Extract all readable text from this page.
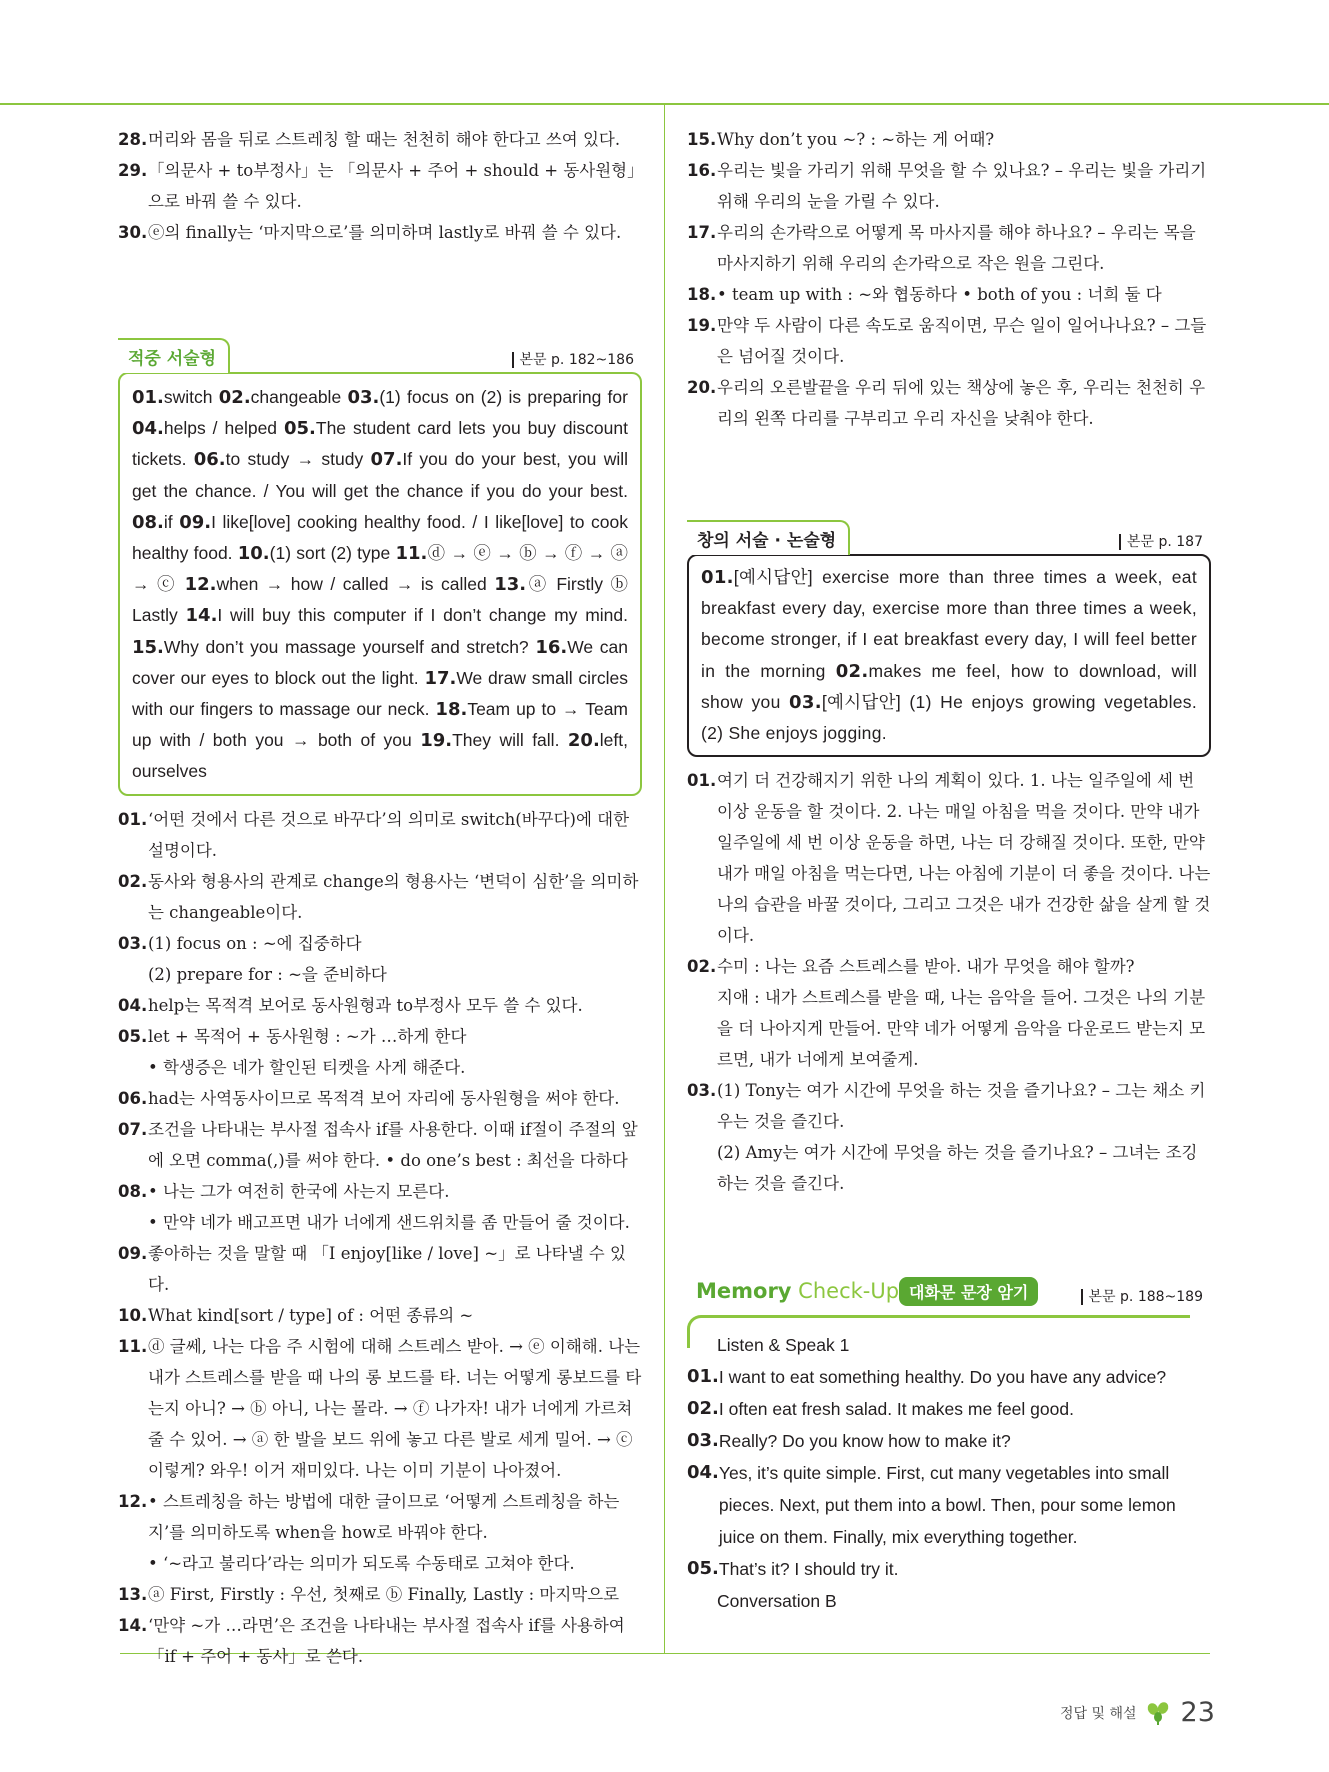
28. 머리와 몸을 뒤로 스트레칭 할 때는 천천히 해야 한다고 쓰여 있다.
29. 「의문사 + to부정사」는 「의문사 + 주어 + should + 동사원형」으로 바꿔 쓸 수 있다.
30. ⓔ의 finally는 ‘마지막으로’를 의미하며 lastly로 바꿔 쓸 수 있다.
적중 서술형	본문 p. 182~186
01.switch 02.changeable 03.(1) focus on (2) is preparing for 04.helps / helped 05.The student card lets you buy discount tickets. 06.to study → study 07.If you do your best, you will get the chance. / You will get the chance if you do your best. 08.if 09.I like[love] cooking healthy food. / I like[love] to cook healthy food. 10.(1) sort (2) type 11.ⓓ → ⓔ → ⓑ → ⓕ → ⓐ → ⓒ 12.when → how / called → is called 13.ⓐ Firstly ⓑ Lastly 14.I will buy this computer if I don’t change my mind. 15.Why don’t you massage yourself and stretch? 16.We can cover our eyes to block out the light. 17.We draw small circles with our fingers to massage our neck. 18.Team up to → Team up with / both you → both of you 19.They will fall. 20.left, ourselves
01. ‘어떤 것에서 다른 것으로 바꾸다’의 의미로 switch(바꾸다)에 대한 설명이다.
02. 동사와 형용사의 관계로 change의 형용사는 ‘변덕이 심한’을 의미하는 changeable이다.
03. (1) focus on : ~에 집중하다
(2) prepare for : ~을 준비하다
04. help는 목적격 보어로 동사원형과 to부정사 모두 쓸 수 있다.
05. let + 목적어 + 동사원형 : ~가 …하게 한다
• 학생증은 네가 할인된 티켓을 사게 해준다.
06. had는 사역동사이므로 목적격 보어 자리에 동사원형을 써야 한다.
07. 조건을 나타내는 부사절 접속사 if를 사용한다. 이때 if절이 주절의 앞에 오면 comma(,)를 써야 한다. • do one’s best : 최선을 다하다
08. • 나는 그가 여전히 한국에 사는지 모른다.
• 만약 네가 배고프면 내가 너에게 샌드위치를 좀 만들어 줄 것이다.
09. 좋아하는 것을 말할 때 「I enjoy[like / love] ~」로 나타낼 수 있다.
10. What kind[sort / type] of : 어떤 종류의 ~
11. ⓓ 글쎄, 나는 다음 주 시험에 대해 스트레스 받아. → ⓔ 이해해. 나는 내가 스트레스를 받을 때 나의 롱 보드를 타. 너는 어떻게 롱보드를 타는지 아니? → ⓑ 아니, 나는 몰라. → ⓕ 나가자! 내가 너에게 가르쳐 줄 수 있어. → ⓐ 한 발을 보드 위에 놓고 다른 발로 세게 밀어. → ⓒ 이렇게? 와우! 이거 재미있다. 나는 이미 기분이 나아졌어.
12. • 스트레칭을 하는 방법에 대한 글이므로 ‘어떻게 스트레칭을 하는지’를 의미하도록 when을 how로 바꿔야 한다.
• ‘~라고 불리다’라는 의미가 되도록 수동태로 고쳐야 한다.
13. ⓐ First, Firstly : 우선, 첫째로 ⓑ Finally, Lastly : 마지막으로
14. ‘만약 ~가 …라면’은 조건을 나타내는 부사절 접속사 if를 사용하여 「if + 주어 + 동사」로 쓴다.
15. Why don’t you ~? : ~하는 게 어때?
16. 우리는 빛을 가리기 위해 무엇을 할 수 있나요? – 우리는 빛을 가리기 위해 우리의 눈을 가릴 수 있다.
17. 우리의 손가락으로 어떻게 목 마사지를 해야 하나요? – 우리는 목을 마사지하기 위해 우리의 손가락으로 작은 원을 그린다.
18. • team up with : ~와 협동하다 • both of you : 너희 둘 다
19. 만약 두 사람이 다른 속도로 움직이면, 무슨 일이 일어나나요? – 그들은 넘어질 것이다.
20. 우리의 오른발끝을 우리 뒤에 있는 책상에 놓은 후, 우리는 천천히 우리의 왼쪽 다리를 구부리고 우리 자신을 낮춰야 한다.
창의 서술 · 논술형	본문 p. 187
01.[예시답안] exercise more than three times a week, eat breakfast every day, exercise more than three times a week, become stronger, if I eat breakfast every day, I will feel better in the morning 02.makes me feel, how to download, will show you 03.[예시답안] (1) He enjoys growing vegetables. (2) She enjoys jogging.
01. 여기 더 건강해지기 위한 나의 계획이 있다. 1. 나는 일주일에 세 번 이상 운동을 할 것이다. 2. 나는 매일 아침을 먹을 것이다. 만약 내가 일주일에 세 번 이상 운동을 하면, 나는 더 강해질 것이다. 또한, 만약 내가 매일 아침을 먹는다면, 나는 아침에 기분이 더 좋을 것이다. 나는 나의 습관을 바꿀 것이다, 그리고 그것은 내가 건강한 삶을 살게 할 것이다.
02. 수미 : 나는 요즘 스트레스를 받아. 내가 무엇을 해야 할까?
지애 : 내가 스트레스를 받을 때, 나는 음악을 들어. 그것은 나의 기분을 더 나아지게 만들어. 만약 네가 어떻게 음악을 다운로드 받는지 모르면, 내가 너에게 보여줄게.
03. (1) Tony는 여가 시간에 무엇을 하는 것을 즐기나요? – 그는 채소 키우는 것을 즐긴다.
(2) Amy는 여가 시간에 무엇을 하는 것을 즐기나요? – 그녀는 조깅하는 것을 즐긴다.
Memory Check-Up 대화문 문장 암기	본문 p. 188~189
Listen & Speak 1
01. I want to eat something healthy. Do you have any advice?
02. I often eat fresh salad. It makes me feel good.
03. Really? Do you know how to make it?
04. Yes, it’s quite simple. First, cut many vegetables into small pieces. Next, put them into a bowl. Then, pour some lemon juice on them. Finally, mix everything together.
05. That’s it? I should try it.
Conversation B
정답 및 해설 23
